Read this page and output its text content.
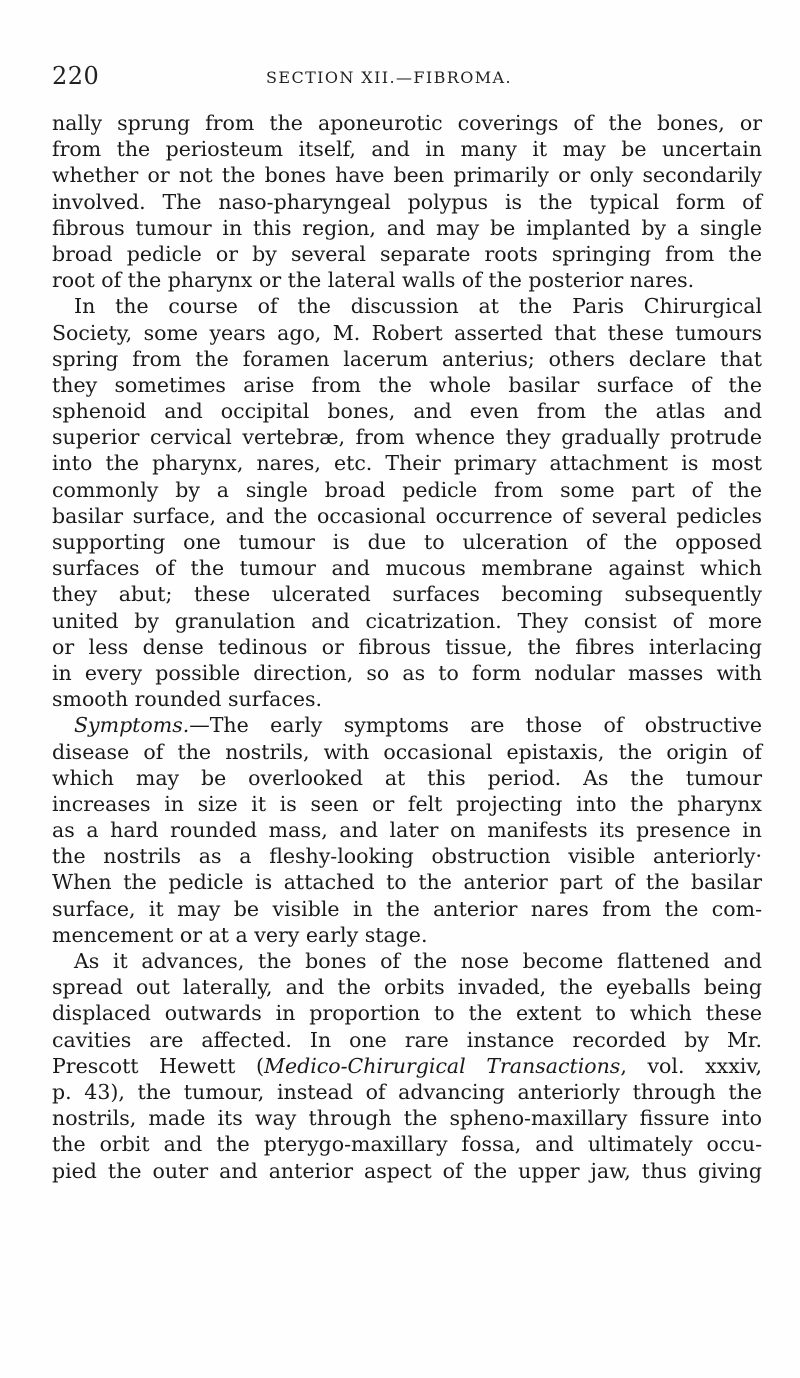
220	SECTION XII.—FIBROMA.
nally sprung from the aponeurotic coverings of the bones, or
from the periosteum itself, and in many it may be uncertain
whether or not the bones have been primarily or only secondarily
involved. The naso-pharyngeal polypus is the typical form of
fibrous tumour in this region, and may be implanted by a single
broad pedicle or by several separate roots springing from the
root of the pharynx or the lateral walls of the posterior nares.
In the course of the discussion at the Paris Chirurgical
Society, some years ago, M. Robert asserted that these tumours
spring from the foramen lacerum anterius; others declare that
they sometimes arise from the whole basilar surface of the
sphenoid and occipital bones, and even from the atlas and
superior cervical vertebræ, from whence they gradually protrude
into the pharynx, nares, etc. Their primary attachment is most
commonly by a single broad pedicle from some part of the
basilar surface, and the occasional occurrence of several pedicles
supporting one tumour is due to ulceration of the opposed
surfaces of the tumour and mucous membrane against which
they abut; these ulcerated surfaces becoming subsequently
united by granulation and cicatrization. They consist of more
or less dense tedinous or fibrous tissue, the fibres interlacing
in every possible direction, so as to form nodular masses with
smooth rounded surfaces.
Symptoms.—The early symptoms are those of obstructive
disease of the nostrils, with occasional epistaxis, the origin of
which may be overlooked at this period. As the tumour
increases in size it is seen or felt projecting into the pharynx
as a hard rounded mass, and later on manifests its presence in
the nostrils as a fleshy-looking obstruction visible anteriorly·
When the pedicle is attached to the anterior part of the basilar
surface, it may be visible in the anterior nares from the com-
mencement or at a very early stage.
As it advances, the bones of the nose become flattened and
spread out laterally, and the orbits invaded, the eyeballs being
displaced outwards in proportion to the extent to which these
cavities are affected. In one rare instance recorded by Mr.
Prescott Hewett (Medico-Chirurgical Transactions, vol. xxxiv,
p. 43), the tumour, instead of advancing anteriorly through the
nostrils, made its way through the spheno-maxillary fissure into
the orbit and the pterygo-maxillary fossa, and ultimately occu-
pied the outer and anterior aspect of the upper jaw, thus giving
